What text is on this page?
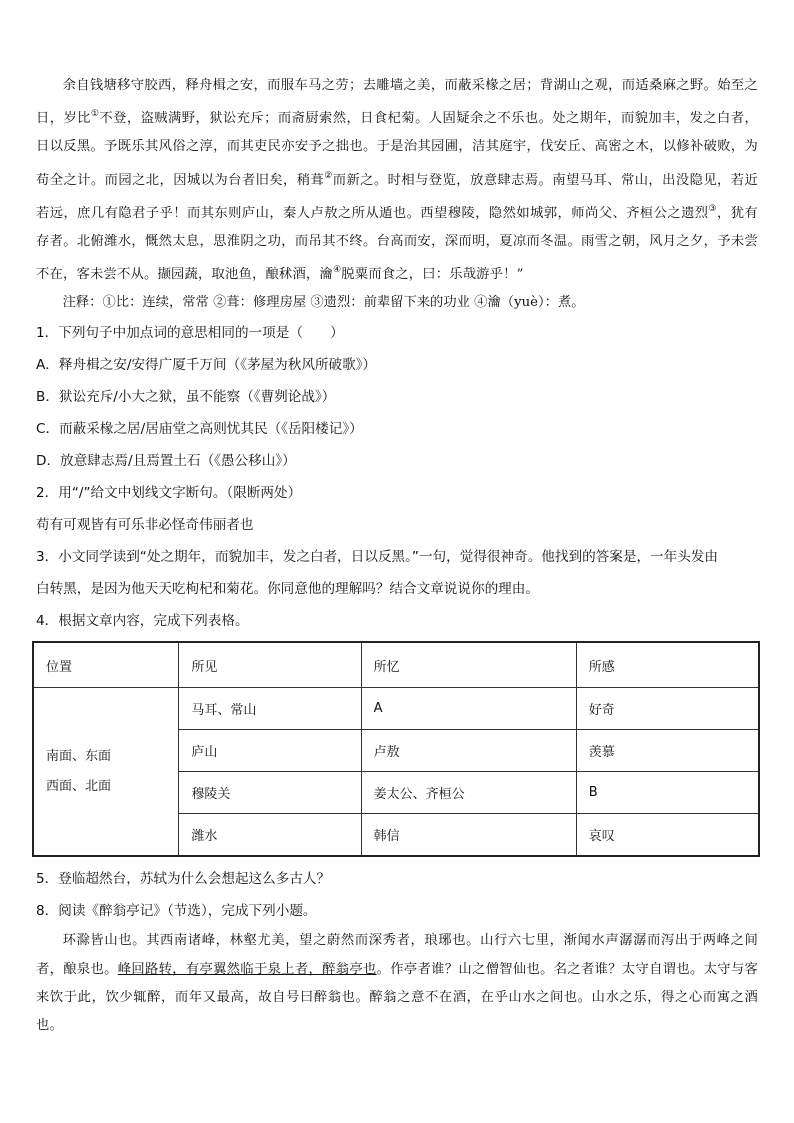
余自钱塘移守胶西，释舟楫之安，而服车马之劳；去雕墙之美，而蔽采椽之居；背湖山之观，而适桑麻之野。始至之日，岁比①不登，盗贼满野，狱讼充斥；而斋厨索然，日食杞菊。人固疑余之不乐也。处之期年，而貌加丰，发之白者，日以反黑。予既乐其风俗之淳，而其吏民亦安予之拙也。于是治其园圃，洁其庭宇，伐安丘、高密之木，以修补破败，为苟全之计。而园之北，因城以为台者旧矣，稍葺②而新之。时相与登览，放意肆志焉。南望马耳、常山，出没隐见，若近若远，庶几有隐君子乎！而其东则庐山，秦人卢敖之所从遁也。西望穆陵，隐然如城郭，师尚父、齐桓公之遗烈③，犹有存者。北俯潍水，慨然太息，思淮阴之功，而吊其不终。台高而安，深而明，夏凉而冬温。雨雪之朝，风月之夕，予未尝不在，客未尝不从。撷园蔬，取池鱼，酿秫酒，瀹④脱粟而食之，曰：乐哉游乎！”

注释：①比：连续，常常 ②葺：修理房屋 ③遗烈：前辈留下来的功业 ④瀹（yuè）：煮。

1．下列句子中加点词的意思相同的一项是（　　）

A．释舟楫之安/安得广厦千万间（《茅屋为秋风所破歌》）

B．狱讼充斥/小大之狱，虽不能察（《曹刿论战》）

C．而蔽采椽之居/居庙堂之高则忧其民（《岳阳楼记》）

D．放意肆志焉/且焉置土石（《愚公移山》）

2．用“/”给文中划线文字断句。（限断两处）

苟有可观皆有可乐非必怪奇伟丽者也

3．小文同学读到“处之期年，而貌加丰，发之白者，日以反黑。”一句，觉得很神奇。他找到的答案是，一年头发由

白转黑，是因为他天天吃枸杞和菊花。你同意他的理解吗？结合文章说说你的理由。

4．根据文章内容，完成下列表格。

位置	所见	所忆	所感

南面、东面
西面、北面	马耳、常山	A	好奇
	庐山	卢敖	羡慕
	穆陵关	姜太公、齐桓公	B
	潍水	韩信	哀叹

5．登临超然台，苏轼为什么会想起这么多古人？

8．阅读《醉翁亭记》（节选），完成下列小题。

环滁皆山也。其西南诸峰，林壑尤美，望之蔚然而深秀者，琅琊也。山行六七里，渐闻水声潺潺而泻出于两峰之间者，酿泉也。峰回路转，有亭翼然临于泉上者，醉翁亭也。作亭者谁？山之僧智仙也。名之者谁？太守自谓也。太守与客来饮于此，饮少辄醉，而年又最高，故自号曰醉翁也。醉翁之意不在酒，在乎山水之间也。山水之乐，得之心而寓之酒也。
